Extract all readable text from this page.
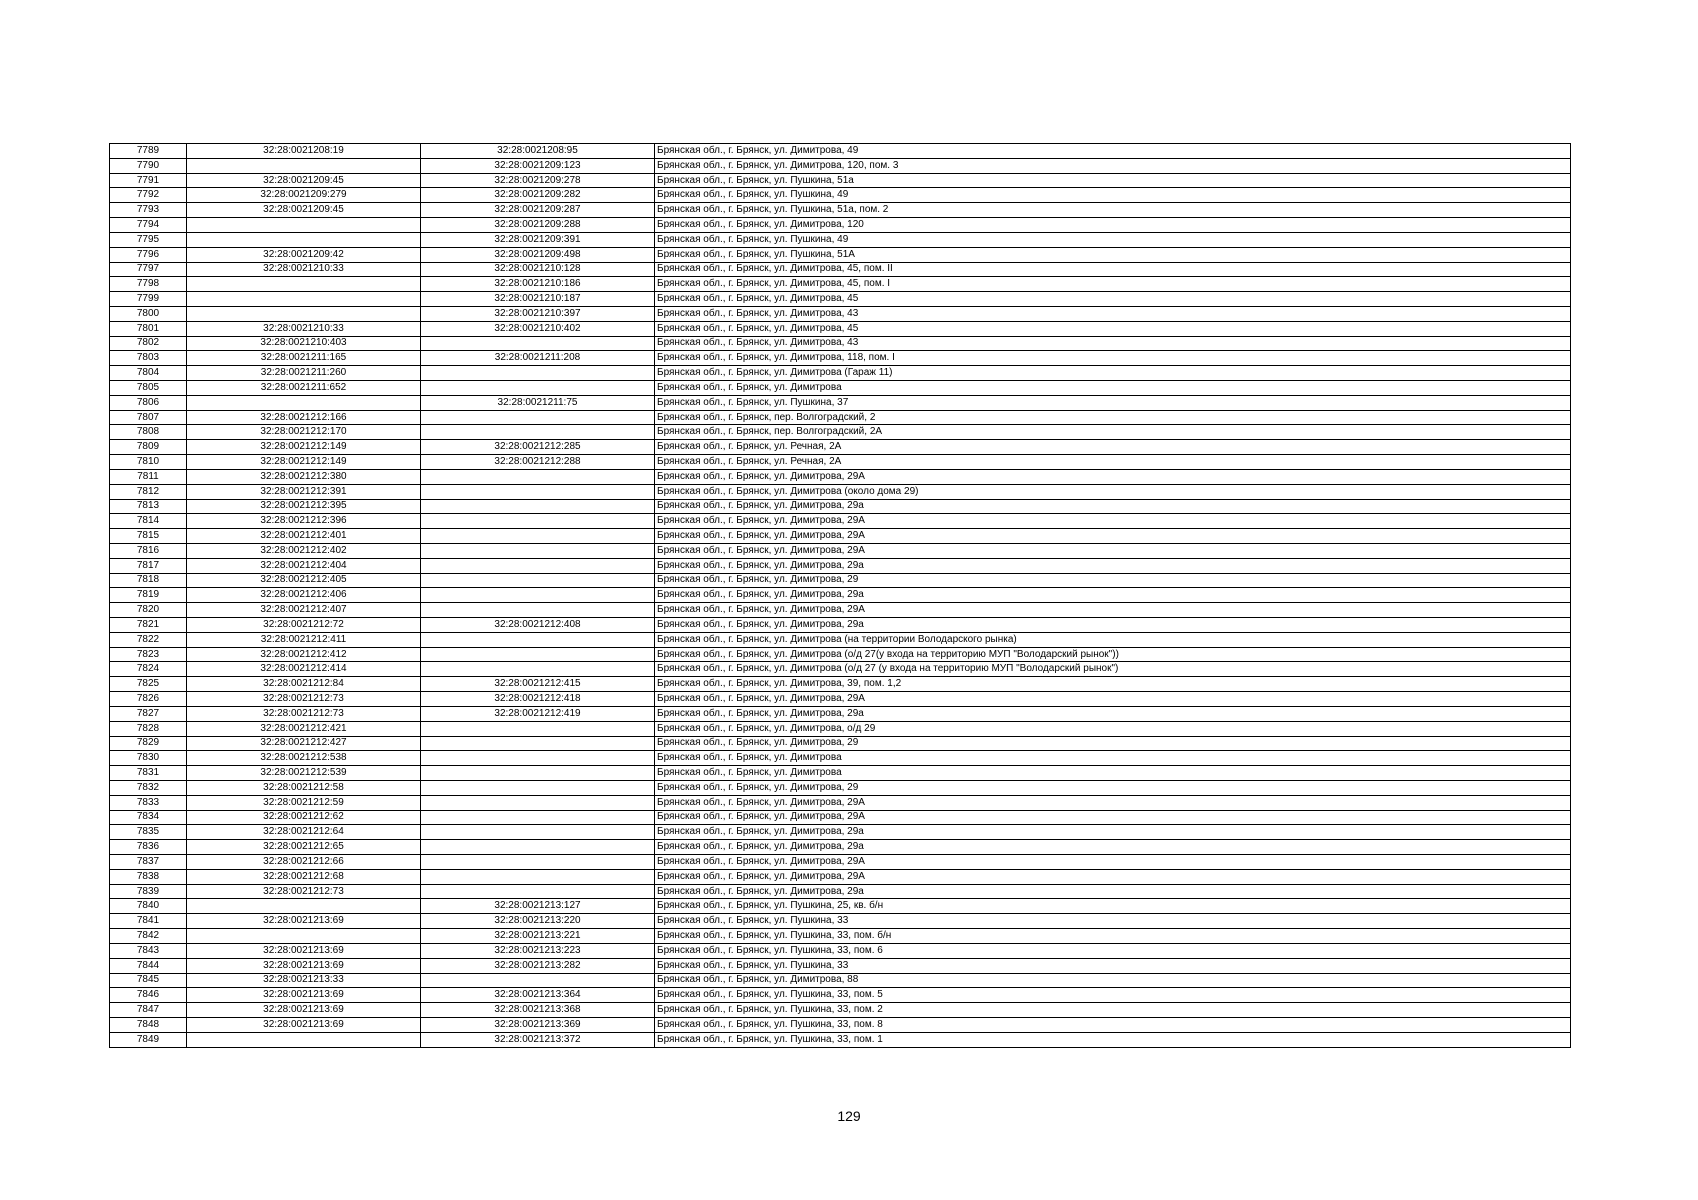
7789	32:28:0021208:19	32:28:0021208:95	Брянская обл., г. Брянск, ул. Димитрова, 49
7790		32:28:0021209:123	Брянская обл., г. Брянск, ул. Димитрова, 120, пом. 3
7791	32:28:0021209:45	32:28:0021209:278	Брянская обл., г. Брянск, ул. Пушкина, 51а
7792	32:28:0021209:279	32:28:0021209:282	Брянская обл., г. Брянск, ул. Пушкина, 49
7793	32:28:0021209:45	32:28:0021209:287	Брянская обл., г. Брянск, ул. Пушкина, 51а, пом. 2
7794		32:28:0021209:288	Брянская обл., г. Брянск, ул. Димитрова, 120
7795		32:28:0021209:391	Брянская обл., г. Брянск, ул. Пушкина, 49
7796	32:28:0021209:42	32:28:0021209:498	Брянская обл., г. Брянск, ул. Пушкина, 51А
7797	32:28:0021210:33	32:28:0021210:128	Брянская обл., г. Брянск, ул. Димитрова, 45, пом. II
7798		32:28:0021210:186	Брянская обл., г. Брянск, ул. Димитрова, 45, пом. I
7799		32:28:0021210:187	Брянская обл., г. Брянск, ул. Димитрова, 45
7800		32:28:0021210:397	Брянская обл., г. Брянск, ул. Димитрова, 43
7801	32:28:0021210:33	32:28:0021210:402	Брянская обл., г. Брянск, ул. Димитрова, 45
7802	32:28:0021210:403		Брянская обл., г. Брянск, ул. Димитрова, 43
7803	32:28:0021211:165	32:28:0021211:208	Брянская обл., г. Брянск, ул. Димитрова, 118, пом. I
7804	32:28:0021211:260		Брянская обл., г. Брянск, ул. Димитрова (Гараж 11)
7805	32:28:0021211:652		Брянская обл., г. Брянск, ул. Димитрова
7806		32:28:0021211:75	Брянская обл., г. Брянск, ул. Пушкина, 37
7807	32:28:0021212:166		Брянская обл., г. Брянск, пер. Волгоградский, 2
7808	32:28:0021212:170		Брянская обл., г. Брянск, пер. Волгоградский, 2А
7809	32:28:0021212:149	32:28:0021212:285	Брянская обл., г. Брянск, ул. Речная, 2А
7810	32:28:0021212:149	32:28:0021212:288	Брянская обл., г. Брянск, ул. Речная, 2А
7811	32:28:0021212:380		Брянская обл., г. Брянск, ул. Димитрова, 29А
7812	32:28:0021212:391		Брянская обл., г. Брянск, ул. Димитрова (около дома 29)
7813	32:28:0021212:395		Брянская обл., г. Брянск, ул. Димитрова, 29а
7814	32:28:0021212:396		Брянская обл., г. Брянск, ул. Димитрова, 29А
7815	32:28:0021212:401		Брянская обл., г. Брянск, ул. Димитрова, 29А
7816	32:28:0021212:402		Брянская обл., г. Брянск, ул. Димитрова, 29А
7817	32:28:0021212:404		Брянская обл., г. Брянск, ул. Димитрова, 29а
7818	32:28:0021212:405		Брянская обл., г. Брянск, ул. Димитрова, 29
7819	32:28:0021212:406		Брянская обл., г. Брянск, ул. Димитрова, 29а
7820	32:28:0021212:407		Брянская обл., г. Брянск, ул. Димитрова, 29А
7821	32:28:0021212:72	32:28:0021212:408	Брянская обл., г. Брянск, ул. Димитрова, 29а
7822	32:28:0021212:411		Брянская обл., г. Брянск, ул. Димитрова (на территории Володарского рынка)
7823	32:28:0021212:412		Брянская обл., г. Брянск, ул. Димитрова (о/д 27(у входа на территорию МУП "Володарский рынок"))
7824	32:28:0021212:414		Брянская обл., г. Брянск, ул. Димитрова (о/д 27 (у входа на территорию МУП "Володарский рынок")
7825	32:28:0021212:84	32:28:0021212:415	Брянская обл., г. Брянск, ул. Димитрова, 39, пом. 1,2
7826	32:28:0021212:73	32:28:0021212:418	Брянская обл., г. Брянск, ул. Димитрова, 29А
7827	32:28:0021212:73	32:28:0021212:419	Брянская обл., г. Брянск, ул. Димитрова, 29а
7828	32:28:0021212:421		Брянская обл., г. Брянск, ул. Димитрова, о/д 29
7829	32:28:0021212:427		Брянская обл., г. Брянск, ул. Димитрова, 29
7830	32:28:0021212:538		Брянская обл., г. Брянск, ул. Димитрова
7831	32:28:0021212:539		Брянская обл., г. Брянск, ул. Димитрова
7832	32:28:0021212:58		Брянская обл., г. Брянск, ул. Димитрова, 29
7833	32:28:0021212:59		Брянская обл., г. Брянск, ул. Димитрова, 29А
7834	32:28:0021212:62		Брянская обл., г. Брянск, ул. Димитрова, 29А
7835	32:28:0021212:64		Брянская обл., г. Брянск, ул. Димитрова, 29а
7836	32:28:0021212:65		Брянская обл., г. Брянск, ул. Димитрова, 29а
7837	32:28:0021212:66		Брянская обл., г. Брянск, ул. Димитрова, 29А
7838	32:28:0021212:68		Брянская обл., г. Брянск, ул. Димитрова, 29А
7839	32:28:0021212:73		Брянская обл., г. Брянск, ул. Димитрова, 29а
7840		32:28:0021213:127	Брянская обл., г. Брянск, ул. Пушкина, 25, кв. б/н
7841	32:28:0021213:69	32:28:0021213:220	Брянская обл., г. Брянск, ул. Пушкина, 33
7842		32:28:0021213:221	Брянская обл., г. Брянск, ул. Пушкина, 33, пом. б/н
7843	32:28:0021213:69	32:28:0021213:223	Брянская обл., г. Брянск, ул. Пушкина, 33, пом. 6
7844	32:28:0021213:69	32:28:0021213:282	Брянская обл., г. Брянск, ул. Пушкина, 33
7845	32:28:0021213:33		Брянская обл., г. Брянск, ул. Димитрова, 88
7846	32:28:0021213:69	32:28:0021213:364	Брянская обл., г. Брянск, ул. Пушкина, 33, пом. 5
7847	32:28:0021213:69	32:28:0021213:368	Брянская обл., г. Брянск, ул. Пушкина, 33, пом. 2
7848	32:28:0021213:69	32:28:0021213:369	Брянская обл., г. Брянск, ул. Пушкина, 33, пом. 8
7849		32:28:0021213:372	Брянская обл., г. Брянск, ул. Пушкина, 33, пом. 1
129
